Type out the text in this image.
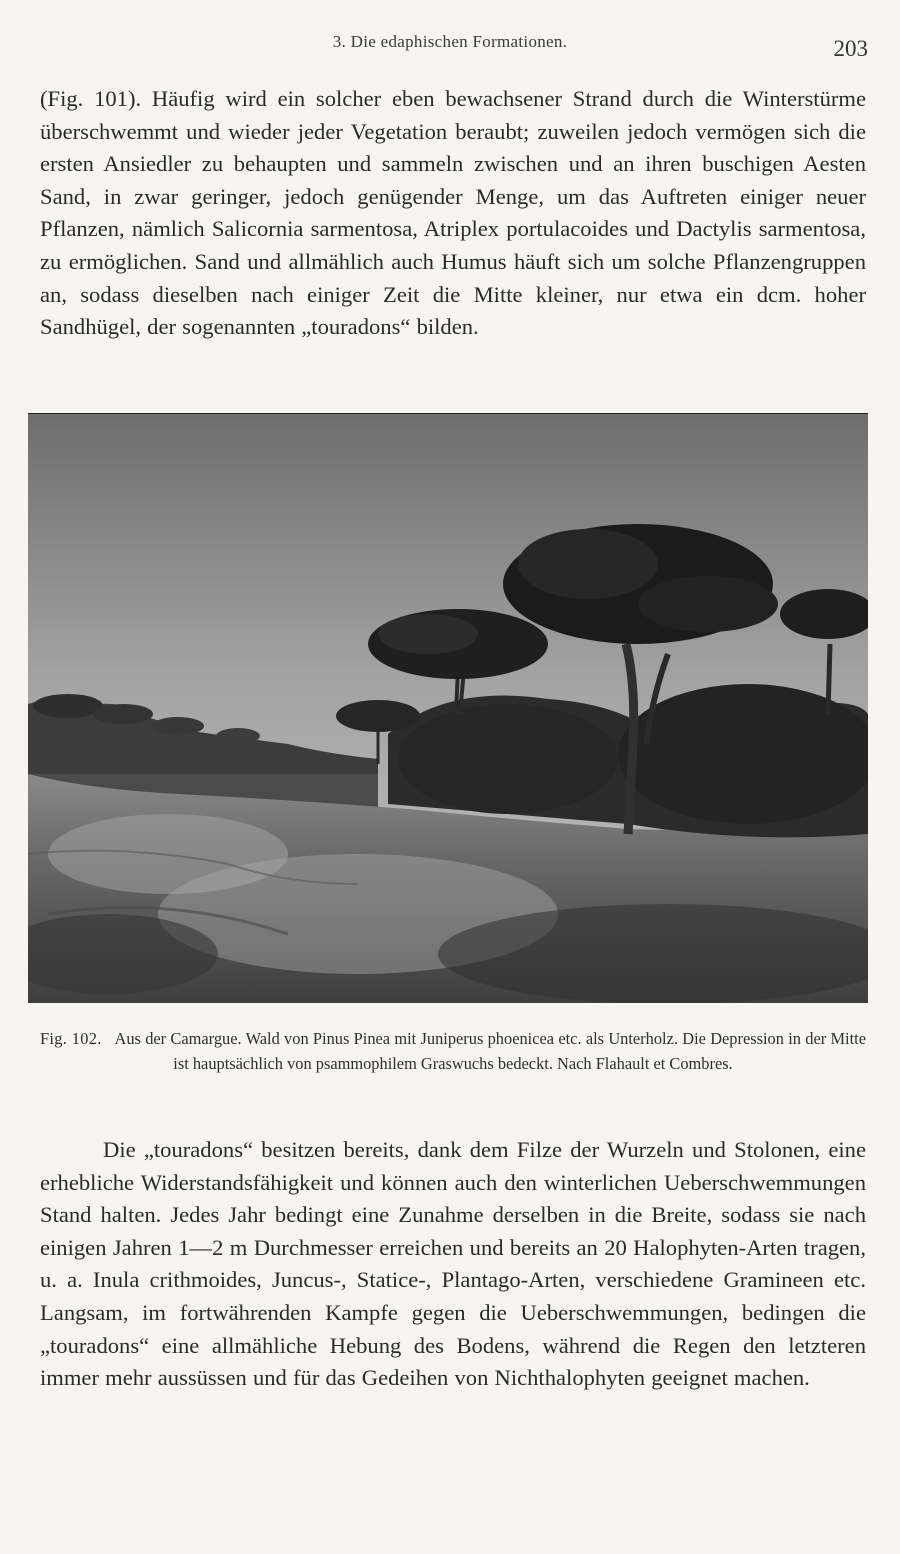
3. Die edaphischen Formationen.	203

(Fig. 101). Häufig wird ein solcher eben bewachsener Strand durch die Winterstürme überschwemmt und wieder jeder Vegetation beraubt; zuweilen jedoch vermögen sich die ersten Ansiedler zu behaupten und sammeln zwischen und an ihren buschigen Aesten Sand, in zwar geringer, jedoch genügender Menge, um das Auftreten einiger neuer Pflanzen, nämlich Salicornia sarmentosa, Atriplex portulacoides und Dactylis sarmentosa, zu ermöglichen. Sand und allmählich auch Humus häuft sich um solche Pflanzengruppen an, sodass dieselben nach einiger Zeit die Mitte kleiner, nur etwa ein dcm. hoher Sandhügel, der sogenannten „touradons“ bilden.

Fig. 102. Aus der Camargue. Wald von Pinus Pinea mit Juniperus phoenicea etc. als Unterholz. Die Depression in der Mitte ist hauptsächlich von psammophilem Graswuchs bedeckt. Nach Flahault et Combres.

Die „touradons“ besitzen bereits, dank dem Filze der Wurzeln und Stolonen, eine erhebliche Widerstandsfähigkeit und können auch den winterlichen Ueberschwemmungen Stand halten. Jedes Jahr bedingt eine Zunahme derselben in die Breite, sodass sie nach einigen Jahren 1—2 m Durchmesser erreichen und bereits an 20 Halophyten-Arten tragen, u. a. Inula crithmoides, Juncus-, Statice-, Plantago-Arten, verschiedene Gramineen etc. Langsam, im fortwährenden Kampfe gegen die Ueberschwemmungen, bedingen die „touradons“ eine allmähliche Hebung des Bodens, während die Regen den letzteren immer mehr aussüssen und für das Gedeihen von Nichthalophyten geeignet machen.
